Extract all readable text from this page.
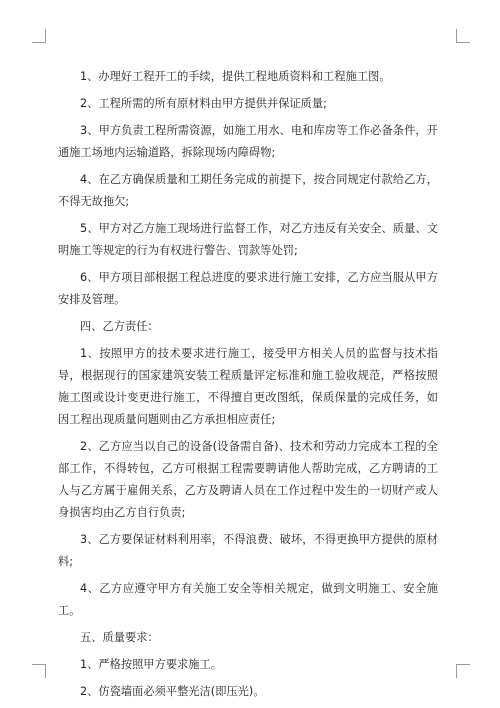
1、办理好工程开工的手续，提供工程地质资料和工程施工图。

2、工程所需的所有原材料由甲方提供并保证质量;

3、甲方负责工程所需资源，如施工用水、电和库房等工作必备条件，开通施工场地内运输道路，拆除现场内障碍物;

4、在乙方确保质量和工期任务完成的前提下，按合同规定付款给乙方，不得无故拖欠;

5、甲方对乙方施工现场进行监督工作，对乙方违反有关安全、质量、文明施工等规定的行为有权进行警告、罚款等处罚;

6、甲方项目部根据工程总进度的要求进行施工安排，乙方应当服从甲方安排及管理。

四、乙方责任：

1、按照甲方的技术要求进行施工，接受甲方相关人员的监督与技术指导，根据现行的国家建筑安装工程质量评定标准和施工验收规范，严格按照施工图或设计变更进行施工，不得擅自更改图纸，保质保量的完成任务，如因工程出现质量问题则由乙方承担相应责任;

2、乙方应当以自己的设备(设备需自备)、技术和劳动力完成本工程的全部工作，不得转包，乙方可根据工程需要聘请他人帮助完成，乙方聘请的工人与乙方属于雇佣关系，乙方及聘请人员在工作过程中发生的一切财产或人身损害均由乙方自行负责;

3、乙方要保证材料利用率，不得浪费、破坏，不得更换甲方提供的原材料;

4、乙方应遵守甲方有关施工安全等相关规定，做到文明施工、安全施工。

五、质量要求：

1、严格按照甲方要求施工。

2、仿瓷墙面必须平整光洁(即压光)。
